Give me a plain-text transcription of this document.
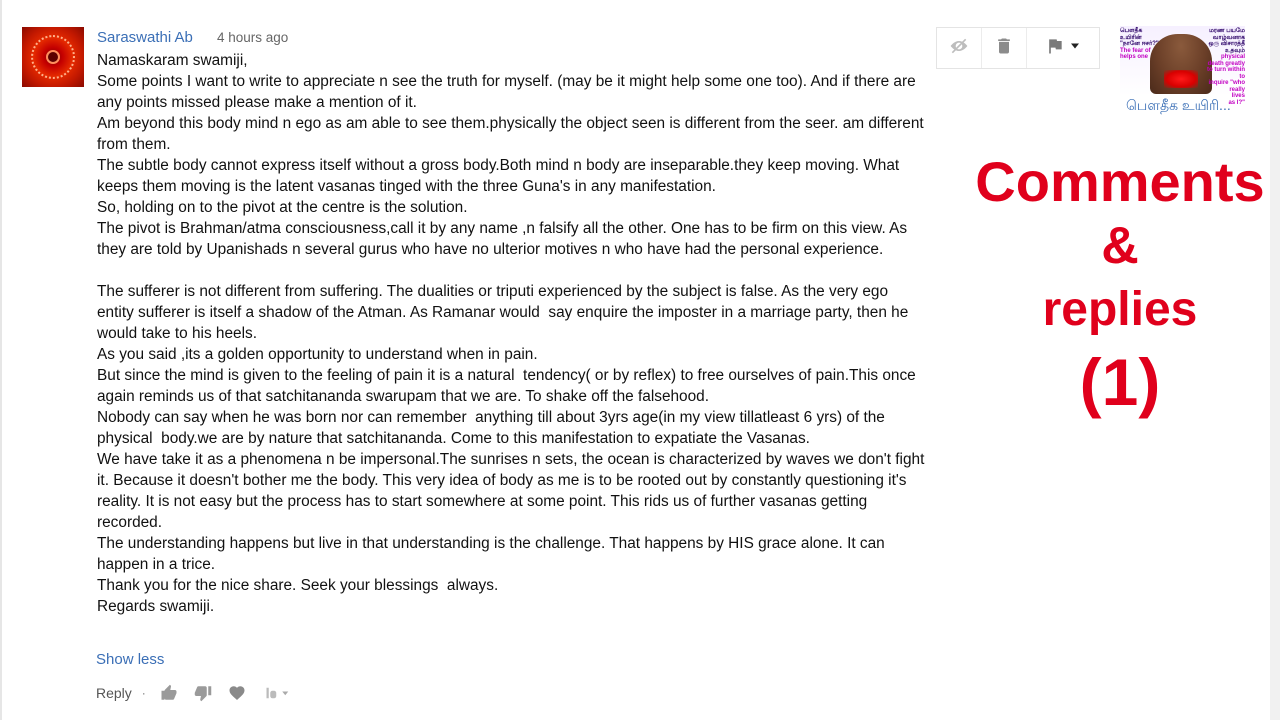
Saraswathi Ab 4 hours ago

Namaskaram swamiji,

Some points I want to write to appreciate n see the truth for myself. (may be it might help some one too). And if there are any points missed please make a mention of it.

Am beyond this body mind n ego as am able to see them.physically the object seen is different from the seer. am different from them.

The subtle body cannot express itself without a gross body.Both mind n body are inseparable.they keep moving. What keeps them moving is the latent vasanas tinged with the three Guna's in any manifestation.

So, holding on to the pivot at the centre is the solution.

The pivot is Brahman/atma consciousness,call it by any name ,n falsify all the other. One has to be firm on this view. As they are told by Upanishads n several gurus who have no ulterior motives n who have had the personal experience.

The sufferer is not different from suffering. The dualities or triputi experienced by the subject is false. As the very ego entity sufferer is itself a shadow of the Atman. As Ramanar would  say enquire the imposter in a marriage party, then he would take to his heels.

As you said ,its a golden opportunity to understand when in pain.

But since the mind is given to the feeling of pain it is a natural  tendency( or by reflex) to free ourselves of pain.This once again reminds us of that satchitananda swarupam that we are. To shake off the falsehood.

Nobody can say when he was born nor can remember  anything till about 3yrs age(in my view tillatleast 6 yrs) of the physical  body.we are by nature that satchitananda. Come to this manifestation to expatiate the Vasanas.

We have take it as a phenomena n be impersonal.The sunrises n sets, the ocean is characterized by waves we don't fight it. Because it doesn't bother me the body. This very idea of body as me is to be rooted out by constantly questioning it's reality. It is not easy but the process has to start somewhere at some point. This rids us of further vasanas getting recorded.

The understanding happens but live in that understanding is the challenge. That happens by HIS grace alone. It can happen in a trice.

Thank you for the nice share. Seek your blessings  always.

Regards swamiji.

Show less
Reply ·
பௌதீக உயிரின்
"நானே ஈசர்?"
The fear of
helps one
மரண பயமே வாழ்வனாக
ஒரு விசாரத்தீ உதவும்
physical death greatly
to turn within to
inquire "who
really
lives
as I?"
பௌதீக உயிரி...
Comments
&
replies
(1)
